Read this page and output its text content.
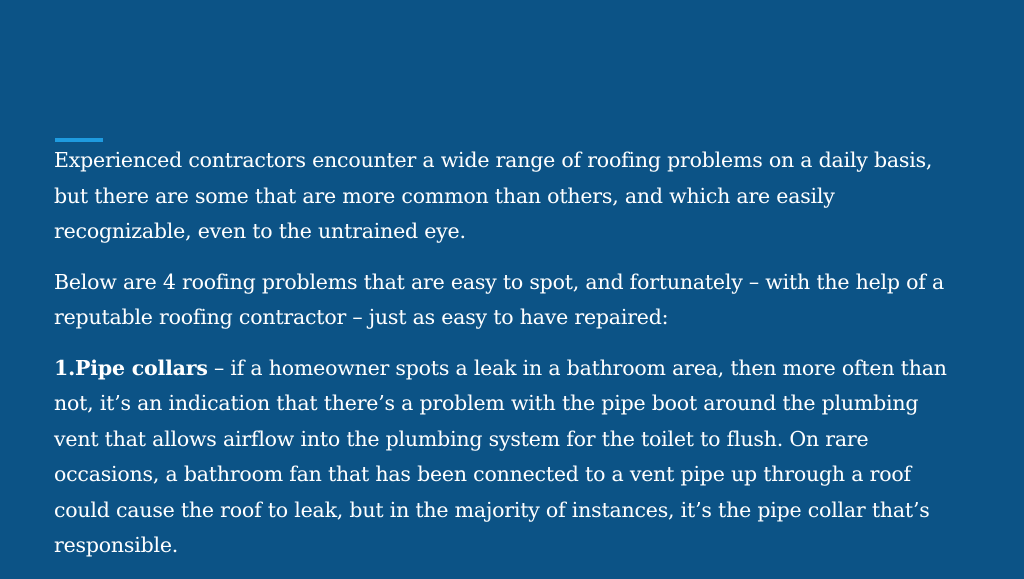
Experienced contractors encounter a wide range of roofing problems on a daily basis, but there are some that are more common than others, and which are easily recognizable, even to the untrained eye.

Below are 4 roofing problems that are easy to spot, and fortunately – with the help of a reputable roofing contractor – just as easy to have repaired:

1.Pipe collars – if a homeowner spots a leak in a bathroom area, then more often than not, it’s an indication that there’s a problem with the pipe boot around the plumbing vent that allows airflow into the plumbing system for the toilet to flush. On rare occasions, a bathroom fan that has been connected to a vent pipe up through a roof could cause the roof to leak, but in the majority of instances, it’s the pipe collar that’s responsible.
